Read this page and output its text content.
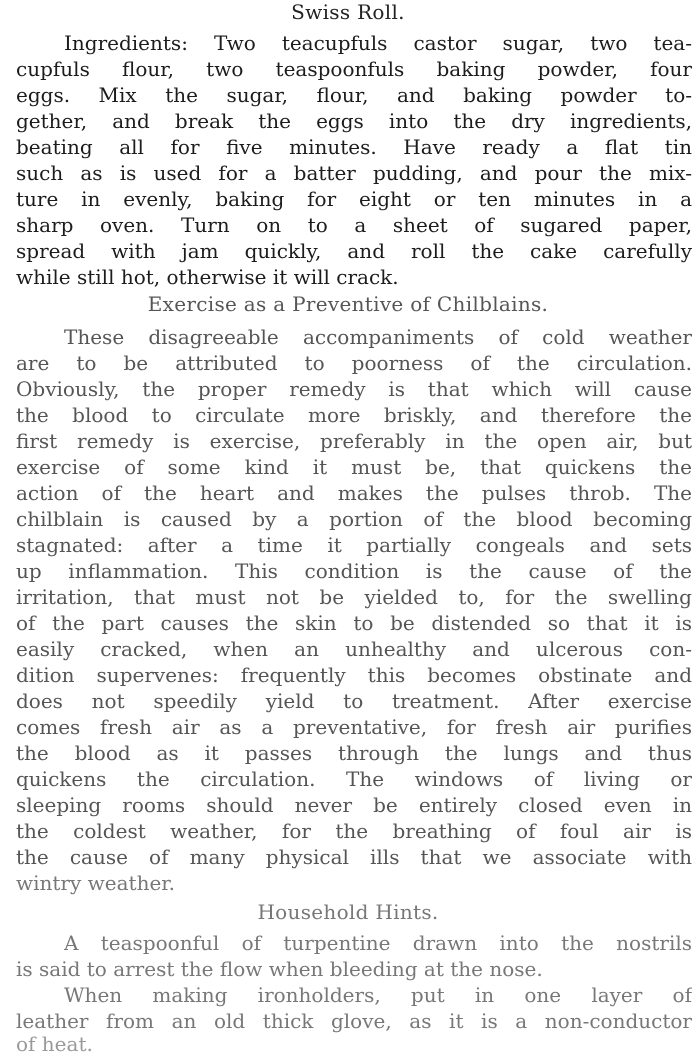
Swiss Roll.
Ingredients: Two teacupfuls castor sugar, two tea-
cupfuls flour, two teaspoonfuls baking powder, four
eggs. Mix the sugar, flour, and baking powder to-
gether, and break the eggs into the dry ingredients,
beating all for five minutes. Have ready a flat tin
such as is used for a batter pudding, and pour the mix-
ture in evenly, baking for eight or ten minutes in a
sharp oven. Turn on to a sheet of sugared paper,
spread with jam quickly, and roll the cake carefully
while still hot, otherwise it will crack.
Exercise as a Preventive of Chilblains.
These disagreeable accompaniments of cold weather
are to be attributed to poorness of the circulation.
Obviously, the proper remedy is that which will cause
the blood to circulate more briskly, and therefore the
first remedy is exercise, preferably in the open air, but
exercise of some kind it must be, that quickens the
action of the heart and makes the pulses throb. The
chilblain is caused by a portion of the blood becoming
stagnated: after a time it partially congeals and sets
up inflammation. This condition is the cause of the
irritation, that must not be yielded to, for the swelling
of the part causes the skin to be distended so that it is
easily cracked, when an unhealthy and ulcerous con-
dition supervenes: frequently this becomes obstinate and
does not speedily yield to treatment. After exercise
comes fresh air as a preventative, for fresh air purifies
the blood as it passes through the lungs and thus
quickens the circulation. The windows of living or
sleeping rooms should never be entirely closed even in
the coldest weather, for the breathing of foul air is
the cause of many physical ills that we associate with
wintry weather.
Household Hints.
A teaspoonful of turpentine drawn into the nostrils
is said to arrest the flow when bleeding at the nose.
When making ironholders, put in one layer of
leather from an old thick glove, as it is a non-conductor
of heat.
